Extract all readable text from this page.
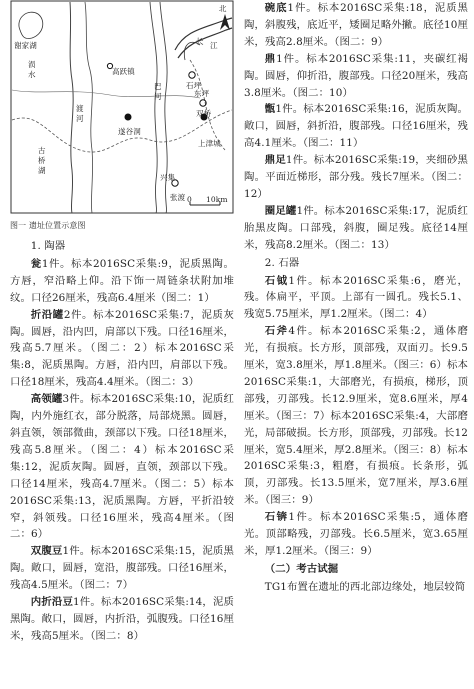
谢家湖
涢水
渡河
古桥湖
巴河
高跃镇
石坪
东坪
双桥
遂谷洞
上津城
张渡
兴集
长 江
北
0 10km
图一 遗址位置示意图

1. 陶器

瓮1件。标本2016SC采集:9，泥质黑陶。方唇，窄沿略上仰。沿下饰一周链条状附加堆纹。口径26厘米，残高6.4厘米（图二：1）

折沿罐2件。标本2016SC采集:7，泥质灰陶。圆唇，沿内凹，肩部以下残。口径16厘米，残高5.7厘米。（图二：2）标本2016SC采集:8，泥质黑陶。方唇，沿内凹，肩部以下残。口径18厘米，残高4.4厘米。（图二：3）

高领罐3件。标本2016SC采集:10，泥质红陶，内外施红衣，部分脱落，局部烧黑。圆唇，斜直领，领部微曲，颈部以下残。口径18厘米，残高5.8厘米。（图二：4）标本2016SC采集:12，泥质灰陶。圆唇，直领，颈部以下残。口径14厘米，残高4.7厘米。（图二：5）标本2016SC采集:13，泥质黑陶。方唇，平折沿较窄，斜领残。口径16厘米，残高4厘米。（图二：6）

双腹豆1件。标本2016SC采集:15，泥质黑陶。敞口，圆唇，宽沿，腹部残。口径16厘米，残高4.5厘米。（图二：7）

内折沿豆1件。标本2016SC采集:14，泥质黑陶。敞口，圆唇，内折沿，弧腹残。口径16厘米，残高5厘米。（图二：8）

碗底1件。标本2016SC采集:18，泥质黑陶，斜腹残，底近平，矮圈足略外撇。底径10厘米，残高2.8厘米。（图二：9）

鼎1件。标本2016SC采集:11，夹碳红褐陶。圆唇，仰折沿，腹部残。口径20厘米，残高3.8厘米。（图二：10）

甑1件。标本2016SC采集:16，泥质灰陶。敞口，圆唇，斜折沿，腹部残。口径16厘米，残高4.1厘米。（图二：11）

鼎足1件。标本2016SC采集:19，夹细砂黑陶。平面近梯形，部分残。残长7厘米。（图二：12）

圈足罐1件。标本2016SC采集:17，泥质红胎黑皮陶。口部残，斜腹，圈足残。底径14厘米，残高8.2厘米。（图二：13）

2. 石器

石钺1件。标本2016SC采集:6，磨光，残。体扁平，平顶。上部有一圆孔。残长5.1、残宽5.75厘米，厚1.2厘米。（图二：4）

石斧4件。标本2016SC采集:2，通体磨光，有损痕。长方形，顶部残，双面刃。长9.5厘米，宽3.8厘米，厚1.8厘米。（图三：6）标本2016SC采集:1，大部磨光，有损痕，梯形，顶部残，刃部残。长12.9厘米，宽8.6厘米，厚4厘米。（图三：7）标本2016SC采集:4，大部磨光，局部破损。长方形，顶部残，刃部残。长12厘米，宽5.4厘米，厚2.8厘米。（图三：8）标本2016SC采集:3，粗磨，有损痕。长条形，弧顶，刃部残。长13.5厘米，宽7厘米，厚3.6厘米。（图三：9）

石锛1件。标本2016SC采集:5，通体磨光。顶部略残，刃部残。长6.5厘米，宽3.65厘米，厚1.2厘米。（图三：9）

（二）考古试掘

TG1布置在遗址的西北部边缘处，地层较简
